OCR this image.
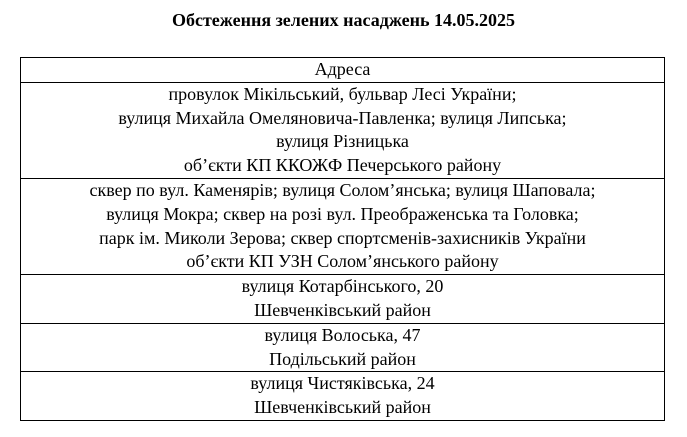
Обстеження зелених насаджень 14.05.2025
Адреса

провулок Мікільський, бульвар Лесі України;
вулиця Михайла Омеляновича-Павленка; вулиця Липська;
вулиця Різницька
об’єкти КП ККОЖФ Печерського району

сквер по вул. Каменярів; вулиця Солом’янська; вулиця Шаповала;
вулиця Мокра; сквер на розі вул. Преображенська та Головка;
парк ім. Миколи Зерова; сквер спортсменів-захисників України
об’єкти КП УЗН Солом’янського району

вулиця Котарбінського, 20
Шевченківський район

вулиця Волоська, 47
Подільський район

вулиця Чистяківська, 24
Шевченківський район
